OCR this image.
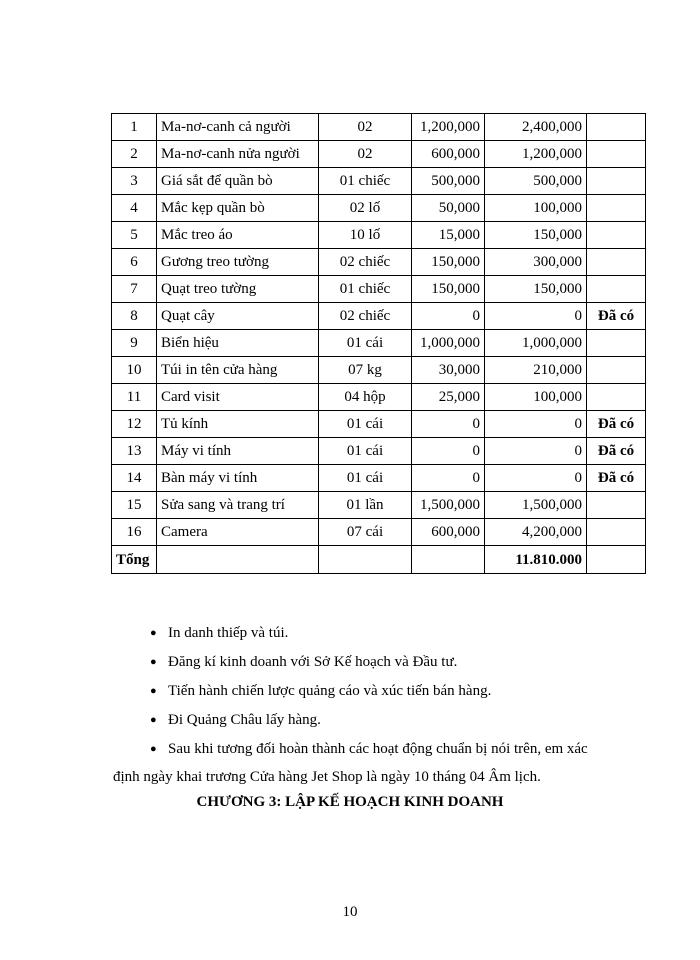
1	Ma-nơ-canh cả người	02	1,200,000	2,400,000	
2	Ma-nơ-canh nửa người	02	600,000	1,200,000	
3	Giá sắt để quần bò	01 chiếc	500,000	500,000	
4	Mắc kẹp quần bò	02 lố	50,000	100,000	
5	Mắc treo áo	10 lố	15,000	150,000	
6	Gương treo tường	02 chiếc	150,000	300,000	
7	Quạt treo tường	01 chiếc	150,000	150,000	
8	Quạt cây	02 chiếc	0	0	Đã có
9	Biển hiệu	01 cái	1,000,000	1,000,000	
10	Túi in tên cửa hàng	07 kg	30,000	210,000	
11	Card visit	04 hộp	25,000	100,000	
12	Tủ kính	01 cái	0	0	Đã có
13	Máy vi tính	01 cái	0	0	Đã có
14	Bàn máy vi tính	01 cái	0	0	Đã có
15	Sửa sang và trang trí	01 lần	1,500,000	1,500,000	
16	Camera	07 cái	600,000	4,200,000	
Tổng				11.810.000	
● In danh thiếp và túi.
● Đăng kí kinh doanh với Sở Kế hoạch và Đầu tư.
● Tiến hành chiến lược quảng cáo và xúc tiến bán hàng.
● Đi Quảng Châu lấy hàng.
● Sau khi tương đối hoàn thành các hoạt động chuẩn bị nói trên, em xác
định ngày khai trương Cửa hàng Jet Shop là ngày 10 tháng 04 Âm lịch.
CHƯƠNG 3: LẬP KẾ HOẠCH KINH DOANH
10
